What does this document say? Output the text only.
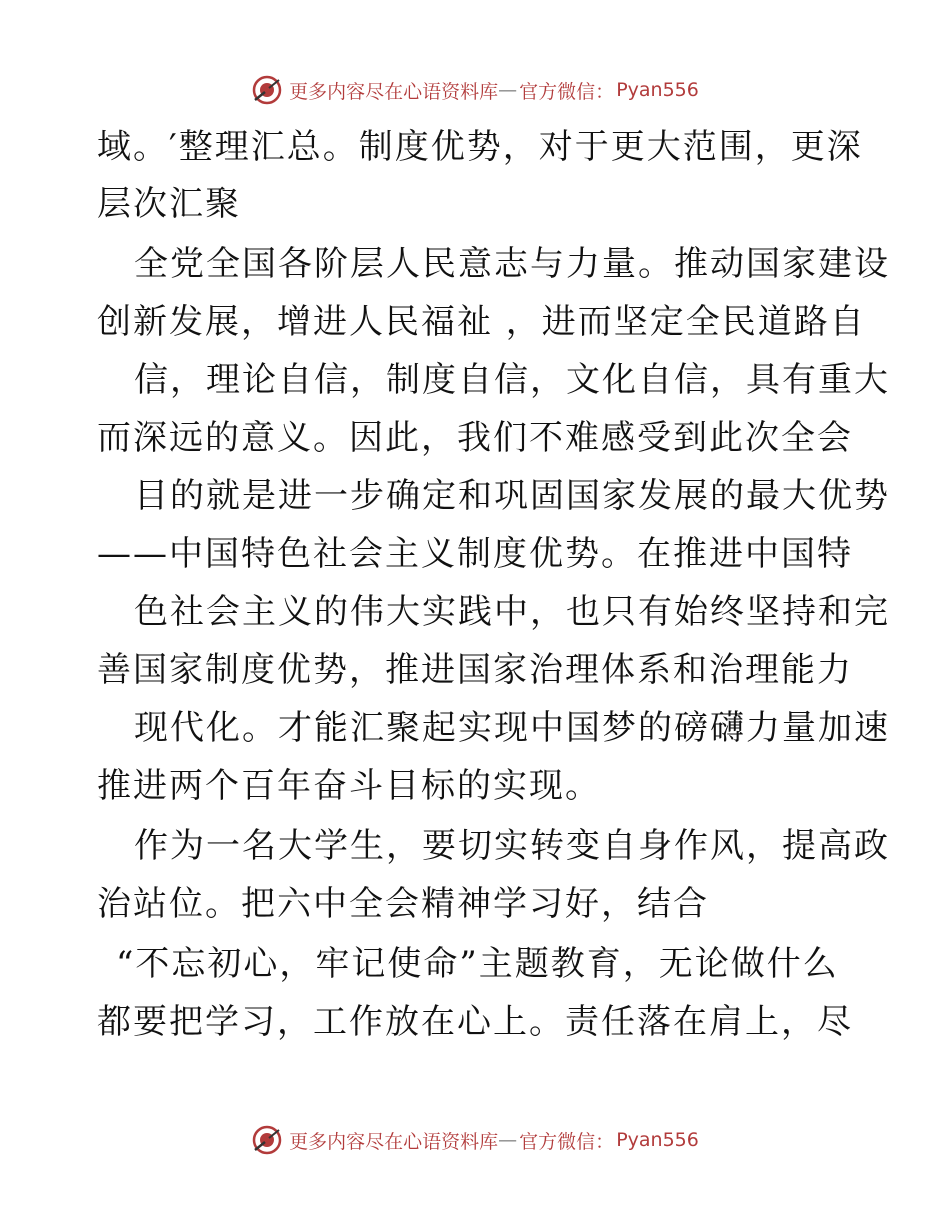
更多内容尽在心语资料库 — 官方微信： Pyan556
域。′整理汇总。制度优势，对于更大范围，更深
层次汇聚
全党全国各阶层人民意志与力量。推动国家建设
创新发展，增进人民福祉 ，进而坚定全民道路自
信，理论自信，制度自信，文化自信，具有重大
而深远的意义。因此，我们不难感受到此次全会
目的就是进一步确定和巩固国家发展的最大优势
——中国特色社会主义制度优势。在推进中国特
色社会主义的伟大实践中，也只有始终坚持和完
善国家制度优势，推进国家治理体系和治理能力
现代化。才能汇聚起实现中国梦的磅礴力量加速
推进两个百年奋斗目标的实现。
作为一名大学生，要切实转变自身作风，提高政
治站位。把六中全会精神学习好，结合
“不忘初心，牢记使命”主题教育，无论做什么
都要把学习，工作放在心上。责任落在肩上，尽
更多内容尽在心语资料库 — 官方微信： Pyan556
